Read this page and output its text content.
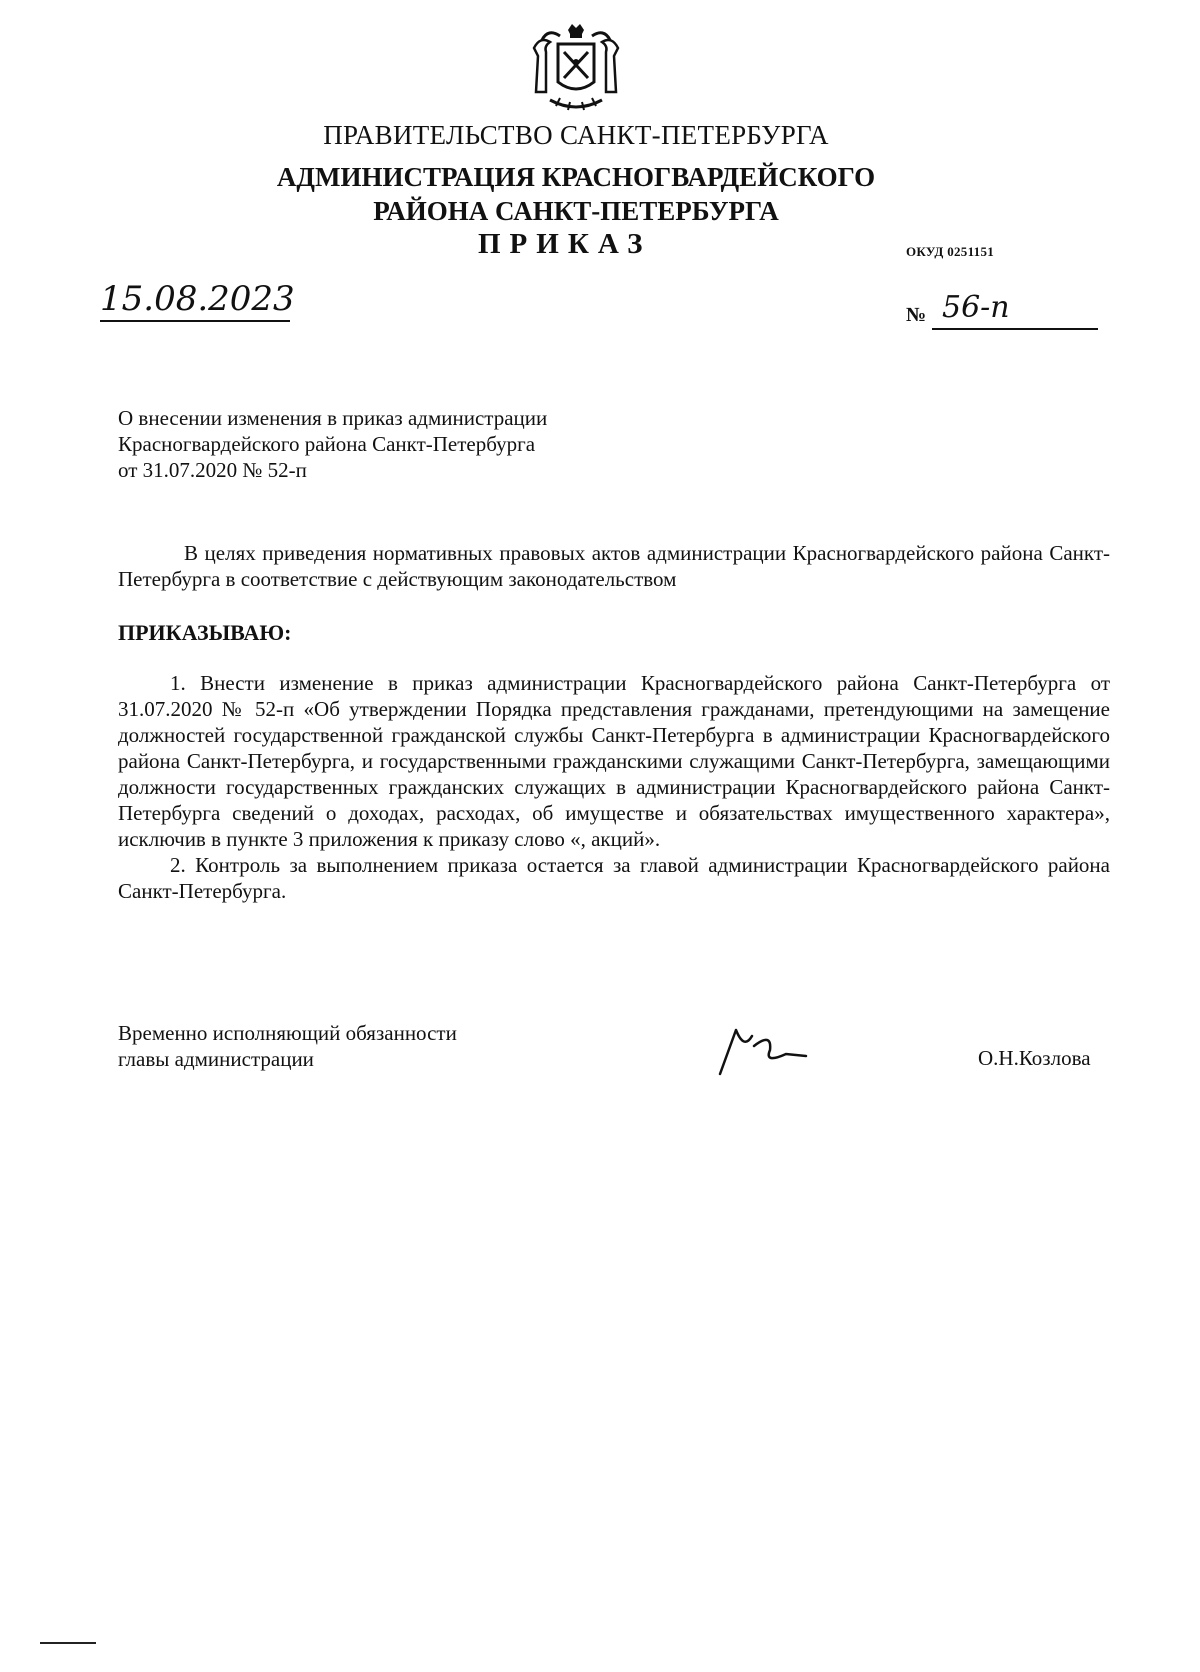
ПРАВИТЕЛЬСТВО САНКТ-ПЕТЕРБУРГА
АДМИНИСТРАЦИЯ КРАСНОГВАРДЕЙСКОГО
РАЙОНА САНКТ-ПЕТЕРБУРГА
ПРИКАЗ	ОКУД 0251151
15.08.2023	№ 56-п
О внесении изменения в приказ администрации
Красногвардейского района Санкт-Петербурга
от 31.07.2020 № 52-п
В целях приведения нормативных правовых актов администрации Красногвардейского района Санкт-Петербурга в соответствие с действующим законодательством
ПРИКАЗЫВАЮ:
1. Внести изменение в приказ администрации Красногвардейского района Санкт-Петербурга от 31.07.2020 № 52-п «Об утверждении Порядка представления гражданами, претендующими на замещение должностей государственной гражданской службы Санкт-Петербурга в администрации Красногвардейского района Санкт-Петербурга, и государственными гражданскими служащими Санкт-Петербурга, замещающими должности государственных гражданских служащих в администрации Красногвардейского района Санкт-Петербурга сведений о доходах, расходах, об имуществе и обязательствах имущественного характера», исключив в пункте 3 приложения к приказу слово «, акций».
2. Контроль за выполнением приказа остается за главой администрации Красногвардейского района Санкт-Петербурга.
Временно исполняющий обязанности
главы администрации	О.Н.Козлова
